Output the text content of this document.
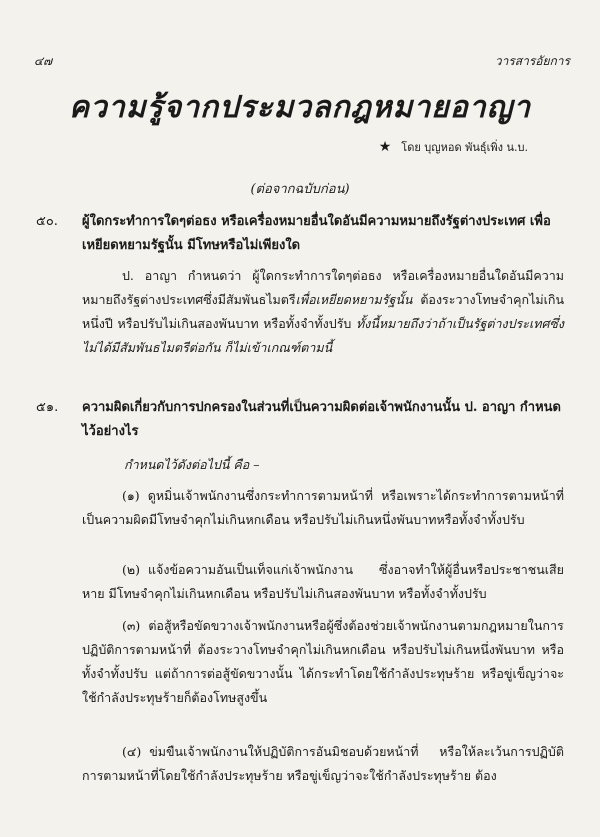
๔๗	วารสารอัยการ
ความรู้จากประมวลกฎหมายอาญา
★ โดย บุญหอด พันธุ์เพิ่ง น.บ.
(ต่อจากฉบับก่อน)
๕๐.	ผู้ใดกระทำการใดๆต่อธง หรือเครื่องหมายอื่นใดอันมีความหมายถึงรัฐต่างประเทศ เพื่อเหยียดหยามรัฐนั้น มีโทษหรือไม่เพียงใด
ป. อาญา กำหนดว่า ผู้ใดกระทำการใดๆต่อธง หรือเครื่องหมายอื่นใดอันมีความหมายถึงรัฐต่างประเทศซึ่งมีสัมพันธไมตรีเพื่อเหยียดหยามรัฐนั้น ต้องระวางโทษจำคุกไม่เกินหนึ่งปี หรือปรับไม่เกินสองพันบาท หรือทั้งจำทั้งปรับ ทั้งนี้หมายถึงว่าถ้าเป็นรัฐต่างประเทศซึ่งไม่ได้มีสัมพันธไมตรีต่อกัน ก็ไม่เข้าเกณฑ์ตามนี้
๕๑.	ความผิดเกี่ยวกับการปกครองในส่วนที่เป็นความผิดต่อเจ้าพนักงานนั้น ป. อาญา กำหนดไว้อย่างไร
กำหนดไว้ดังต่อไปนี้ คือ –
(๑) ดูหมิ่นเจ้าพนักงานซึ่งกระทำการตามหน้าที่ หรือเพราะได้กระทำการตามหน้าที่ เป็นความผิดมีโทษจำคุกไม่เกินหกเดือน หรือปรับไม่เกินหนึ่งพันบาทหรือทั้งจำทั้งปรับ
(๒) แจ้งข้อความอันเป็นเท็จแก่เจ้าพนักงาน ซึ่งอาจทำให้ผู้อื่นหรือประชาชนเสียหาย มีโทษจำคุกไม่เกินหกเดือน หรือปรับไม่เกินสองพันบาท หรือทั้งจำทั้งปรับ
(๓) ต่อสู้หรือขัดขวางเจ้าพนักงานหรือผู้ซึ่งต้องช่วยเจ้าพนักงานตามกฎหมายในการปฏิบัติการตามหน้าที่ ต้องระวางโทษจำคุกไม่เกินหกเดือน หรือปรับไม่เกินหนึ่งพันบาท หรือทั้งจำทั้งปรับ แต่ถ้าการต่อสู้ขัดขวางนั้น ได้กระทำโดยใช้กำลังประทุษร้าย หรือขู่เข็ญว่าจะใช้กำลังประทุษร้ายก็ต้องโทษสูงขึ้น
(๔) ข่มขืนเจ้าพนักงานให้ปฏิบัติการอันมิชอบด้วยหน้าที่ หรือให้ละเว้นการปฏิบัติการตามหน้าที่โดยใช้กำลังประทุษร้าย หรือขู่เข็ญว่าจะใช้กำลังประทุษร้าย ต้อง
